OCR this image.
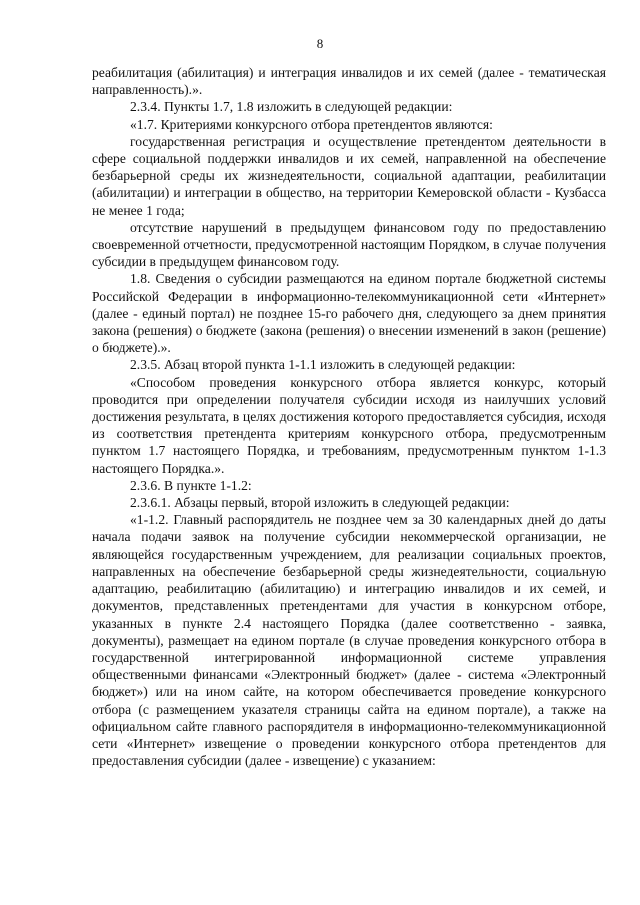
8

реабилитация (абилитация) и интеграция инвалидов и их семей (далее - тематическая направленность).».

2.3.4. Пункты 1.7, 1.8 изложить в следующей редакции:

«1.7. Критериями конкурсного отбора претендентов являются:

государственная регистрация и осуществление претендентом деятельности в сфере социальной поддержки инвалидов и их семей, направленной на обеспечение безбарьерной среды их жизнедеятельности, социальной адаптации, реабилитации (абилитации) и интеграции в общество, на территории Кемеровской области - Кузбасса не менее 1 года;

отсутствие нарушений в предыдущем финансовом году по предоставлению своевременной отчетности, предусмотренной настоящим Порядком, в случае получения субсидии в предыдущем финансовом году.

1.8. Сведения о субсидии размещаются на едином портале бюджетной системы Российской Федерации в информационно-телекоммуникационной сети «Интернет» (далее - единый портал) не позднее 15-го рабочего дня, следующего за днем принятия закона (решения) о бюджете (закона (решения) о внесении изменений в закон (решение) о бюджете).».

2.3.5. Абзац второй пункта 1-1.1 изложить в следующей редакции:

«Способом проведения конкурсного отбора является конкурс, который проводится при определении получателя субсидии исходя из наилучших условий достижения результата, в целях достижения которого предоставляется субсидия, исходя из соответствия претендента критериям конкурсного отбора, предусмотренным пунктом 1.7 настоящего Порядка, и требованиям, предусмотренным пунктом 1-1.3 настоящего Порядка.».

2.3.6. В пункте 1-1.2:

2.3.6.1. Абзацы первый, второй изложить в следующей редакции:

«1-1.2. Главный распорядитель не позднее чем за 30 календарных дней до даты начала подачи заявок на получение субсидии некоммерческой организации, не являющейся государственным учреждением, для реализации социальных проектов, направленных на обеспечение безбарьерной среды жизнедеятельности, социальную адаптацию, реабилитацию (абилитацию) и интеграцию инвалидов и их семей, и документов, представленных претендентами для участия в конкурсном отборе, указанных в пункте 2.4 настоящего Порядка (далее соответственно - заявка, документы), размещает на едином портале (в случае проведения конкурсного отбора в государственной интегрированной информационной системе управления общественными финансами «Электронный бюджет» (далее - система «Электронный бюджет») или на ином сайте, на котором обеспечивается проведение конкурсного отбора (с размещением указателя страницы сайта на едином портале), а также на официальном сайте главного распорядителя в информационно-телекоммуникационной сети «Интернет» извещение о проведении конкурсного отбора претендентов для предоставления субсидии (далее - извещение) с указанием:
